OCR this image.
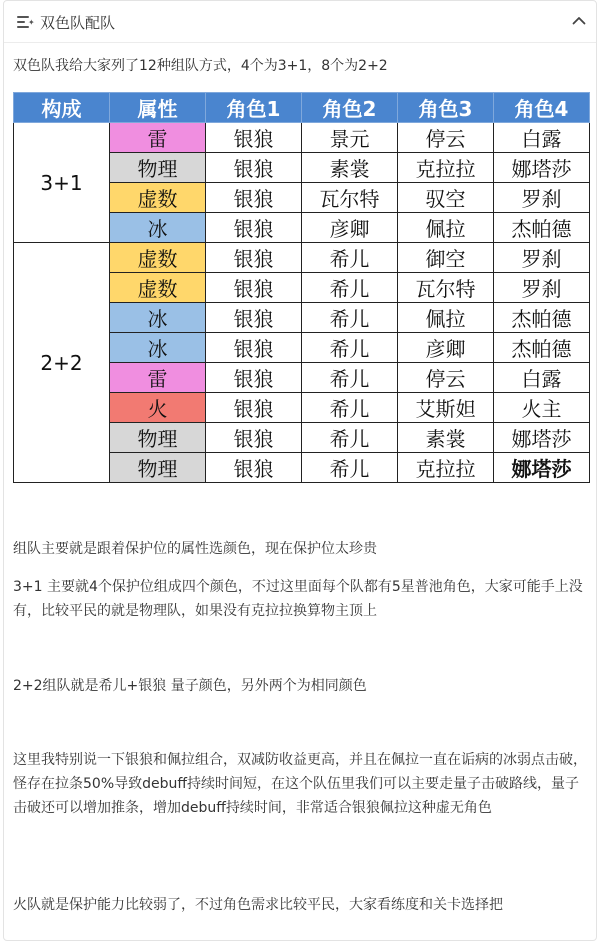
✦ 双色队配队
双色队我给大家列了12种组队方式，4个为3+1，8个为2+2
构成	属性	角色1	角色2	角色3	角色4
3+1	雷	银狼	景元	停云	白露
	物理	银狼	素裳	克拉拉	娜塔莎
	虚数	银狼	瓦尔特	驭空	罗刹
	冰	银狼	彦卿	佩拉	杰帕德
2+2	虚数	银狼	希儿	御空	罗刹
	虚数	银狼	希儿	瓦尔特	罗刹
	冰	银狼	希儿	佩拉	杰帕德
	冰	银狼	希儿	彦卿	杰帕德
	雷	银狼	希儿	停云	白露
	火	银狼	希儿	艾斯妲	火主
	物理	银狼	希儿	素裳	娜塔莎
	物理	银狼	希儿	克拉拉	娜塔莎
组队主要就是跟着保护位的属性选颜色，现在保护位太珍贵
3+1 主要就4个保护位组成四个颜色，不过这里面每个队都有5星普池角色，大家可能手上没有，比较平民的就是物理队，如果没有克拉拉换算物主顶上
2+2组队就是希儿+银狼 量子颜色，另外两个为相同颜色
这里我特别说一下银狼和佩拉组合，双减防收益更高，并且在佩拉一直在诟病的冰弱点击破，怪存在拉条50%导致debuff持续时间短，在这个队伍里我们可以主要走量子击破路线，量子击破还可以增加推条，增加debuff持续时间，非常适合银狼佩拉这种虚无角色
火队就是保护能力比较弱了，不过角色需求比较平民，大家看练度和关卡选择把
